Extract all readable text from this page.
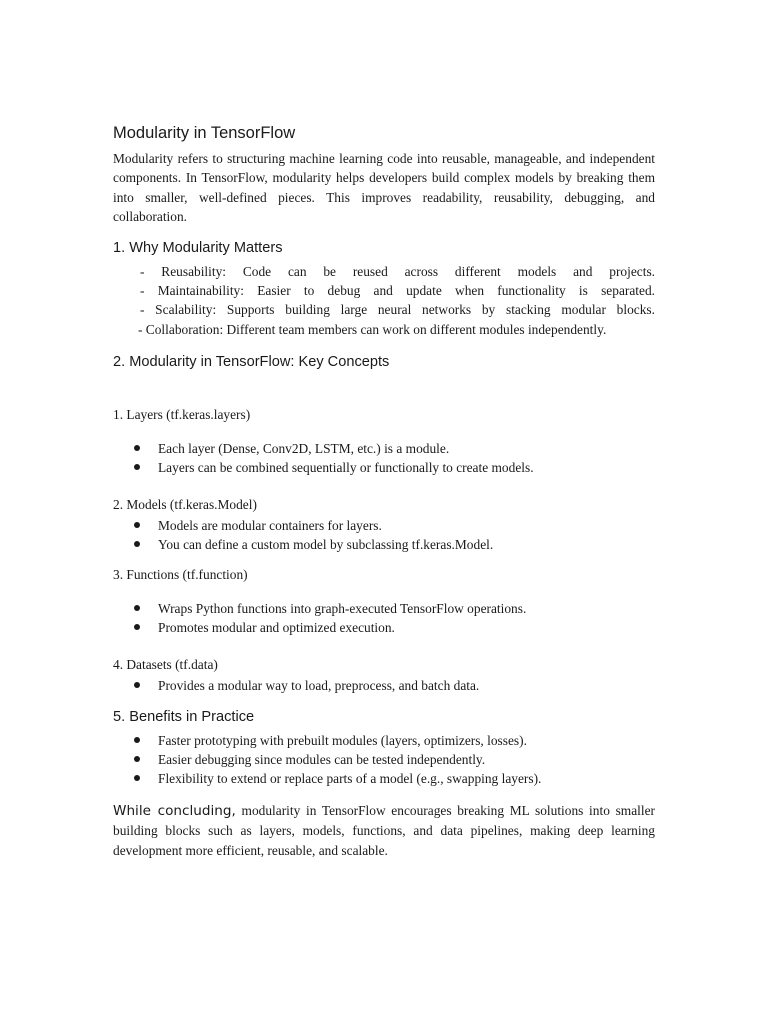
Modularity in TensorFlow

Modularity refers to structuring machine learning code into reusable, manageable, and independent components. In TensorFlow, modularity helps developers build complex models by breaking them into smaller, well-defined pieces. This improves readability, reusability, debugging, and collaboration.

1. Why Modularity Matters
- Reusability: Code can be reused across different models and projects.
- Maintainability: Easier to debug and update when functionality is separated.
- Scalability: Supports building large neural networks by stacking modular blocks.
- Collaboration: Different team members can work on different modules independently.
2. Modularity in TensorFlow: Key Concepts

1. Layers (tf.keras.layers)

Each layer (Dense, Conv2D, LSTM, etc.) is a module.
Layers can be combined sequentially or functionally to create models.

2. Models (tf.keras.Model)

Models are modular containers for layers.
You can define a custom model by subclassing tf.keras.Model.

3. Functions (tf.function)

Wraps Python functions into graph-executed TensorFlow operations.
Promotes modular and optimized execution.

4. Datasets (tf.data)

Provides a modular way to load, preprocess, and batch data.
5. Benefits in Practice
Faster prototyping with prebuilt modules (layers, optimizers, losses).
Easier debugging since modules can be tested independently.
Flexibility to extend or replace parts of a model (e.g., swapping layers).

While concluding, modularity in TensorFlow encourages breaking ML solutions into smaller building blocks such as layers, models, functions, and data pipelines, making deep learning development more efficient, reusable, and scalable.
